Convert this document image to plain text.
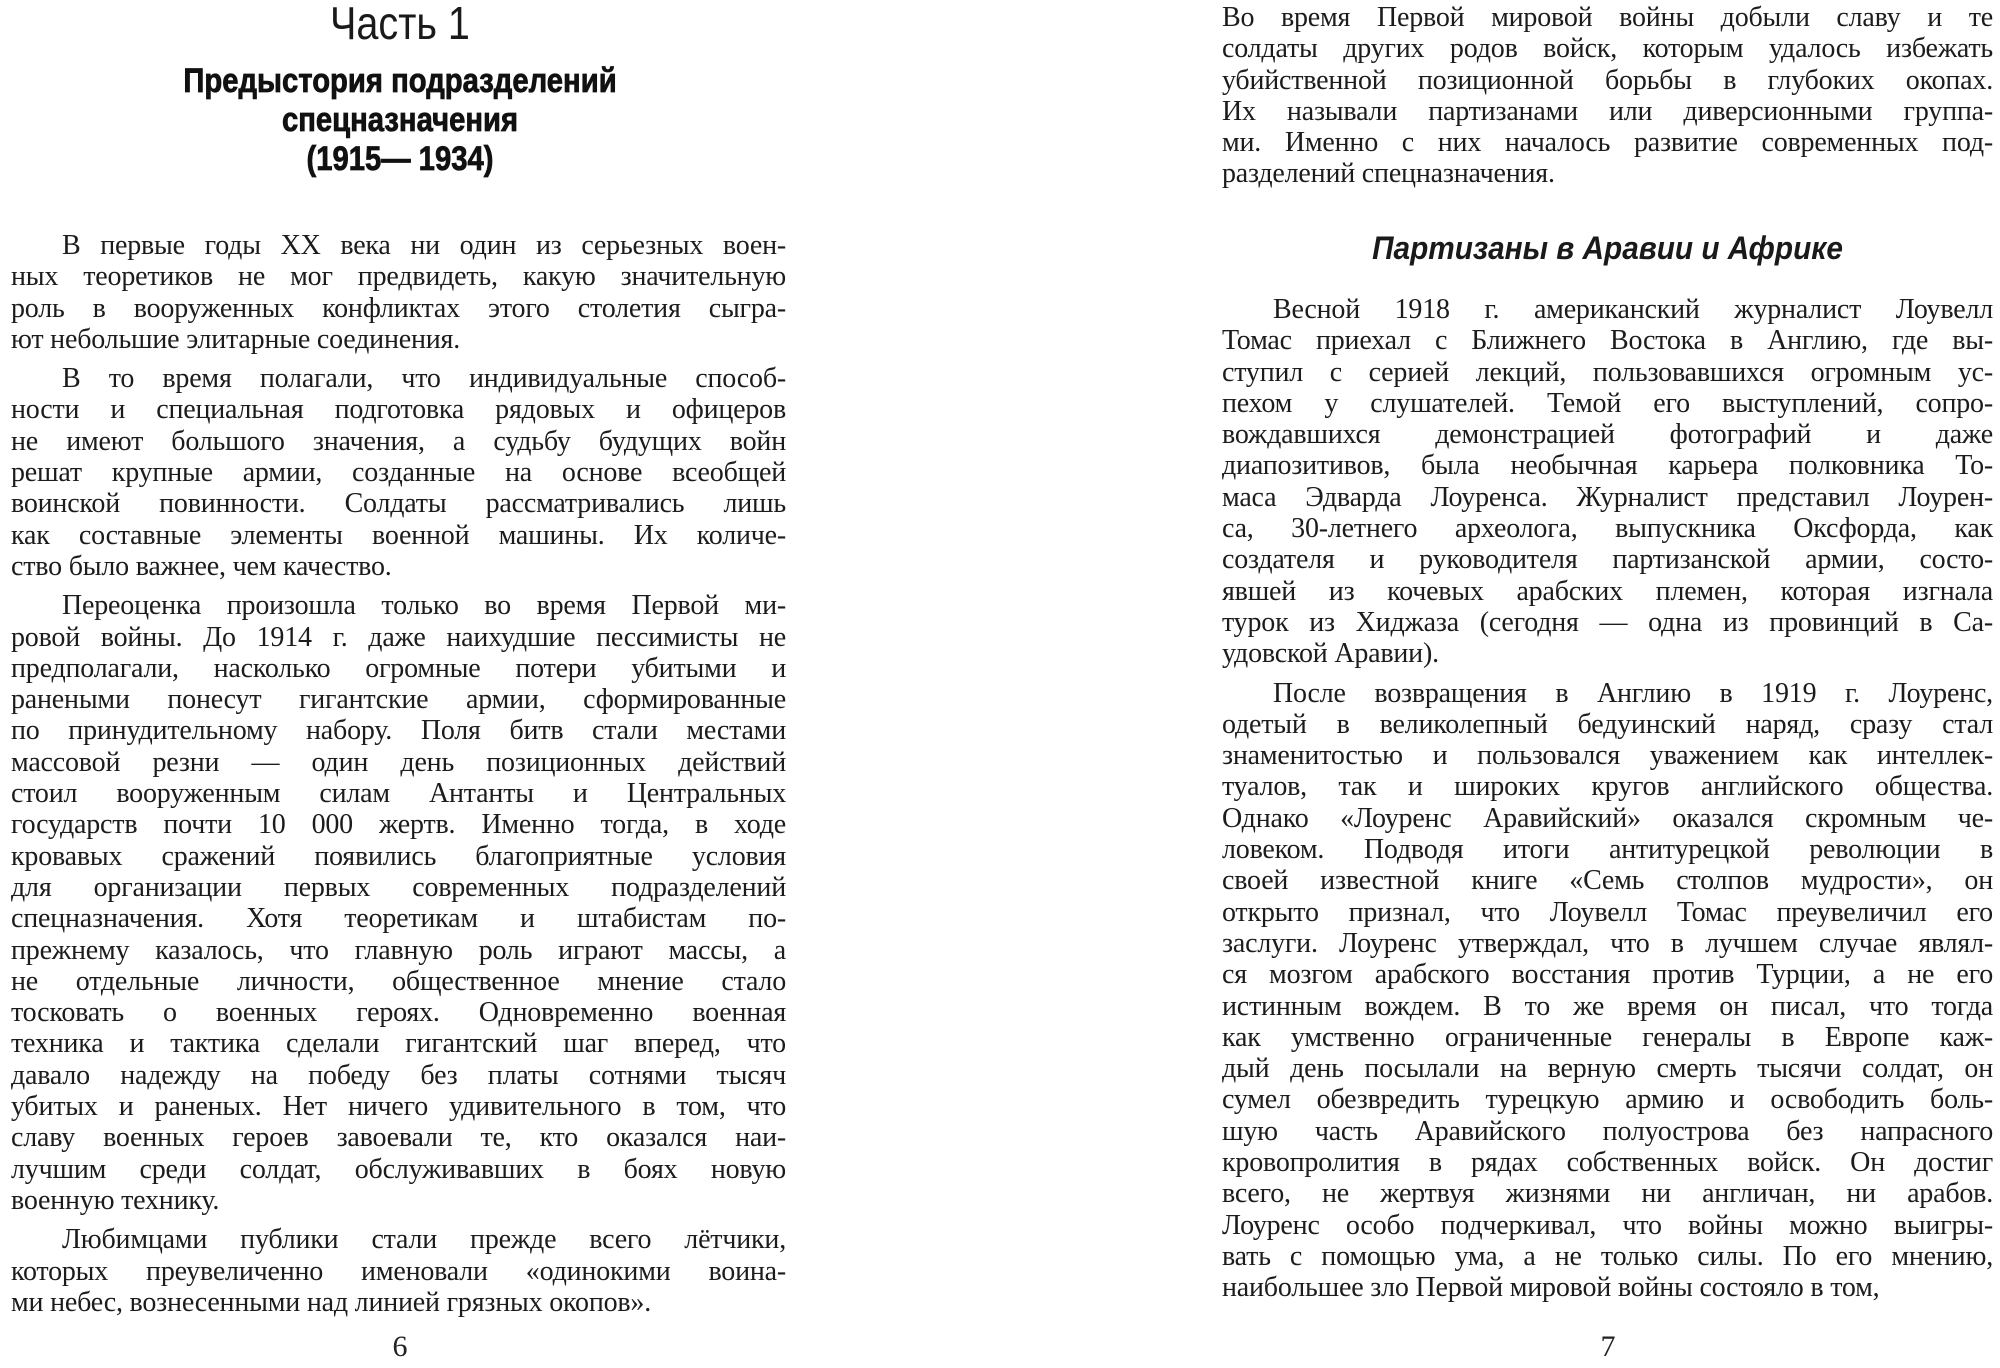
Часть 1
Предыстория подразделений
спецназначения
(1915— 1934)
В первые годы XX века ни один из серьезных воен-
ных теоретиков не мог предвидеть, какую значительную
роль в вооруженных конфликтах этого столетия сыгра-
ют небольшие элитарные соединения.
В то время полагали, что индивидуальные способ-
ности и специальная подготовка рядовых и офицеров
не имеют большого значения, а судьбу будущих войн
решат крупные армии, созданные на основе всеобщей
воинской повинности. Солдаты рассматривались лишь
как составные элементы военной машины. Их количе-
ство было важнее, чем качество.
Переоценка произошла только во время Первой ми-
ровой войны. До 1914 г. даже наихудшие пессимисты не
предполагали, насколько огромные потери убитыми и
ранеными понесут гигантские армии, сформированные
по принудительному набору. Поля битв стали местами
массовой резни — один день позиционных действий
стоил вооруженным силам Антанты и Центральных
государств почти 10 000 жертв. Именно тогда, в ходе
кровавых сражений появились благоприятные условия
для организации первых современных подразделений
спецназначения. Хотя теоретикам и штабистам по-
прежнему казалось, что главную роль играют массы, а
не отдельные личности, общественное мнение стало
тосковать о военных героях. Одновременно военная
техника и тактика сделали гигантский шаг вперед, что
давало надежду на победу без платы сотнями тысяч
убитых и раненых. Нет ничего удивительного в том, что
славу военных героев завоевали те, кто оказался наи-
лучшим среди солдат, обслуживавших в боях новую
военную технику.
Любимцами публики стали прежде всего лётчики,
которых преувеличенно именовали «одинокими воина-
ми небес, вознесенными над линией грязных окопов».
6
Во время Первой мировой войны добыли славу и те
солдаты других родов войск, которым удалось избежать
убийственной позиционной борьбы в глубоких окопах.
Их называли партизанами или диверсионными группа-
ми. Именно с них началось развитие современных под-
разделений спецназначения.
Партизаны в Аравии и Африке
Весной 1918 г. американский журналист Лоувелл
Томас приехал с Ближнего Востока в Англию, где вы-
ступил с серией лекций, пользовавшихся огромным ус-
пехом у слушателей. Темой его выступлений, сопро-
вождавшихся демонстрацией фотографий и даже
диапозитивов, была необычная карьера полковника То-
маса Эдварда Лоуренса. Журналист представил Лоурен-
са, 30-летнего археолога, выпускника Оксфорда, как
создателя и руководителя партизанской армии, состо-
явшей из кочевых арабских племен, которая изгнала
турок из Хиджаза (сегодня — одна из провинций в Са-
удовской Аравии).
После возвращения в Англию в 1919 г. Лоуренс,
одетый в великолепный бедуинский наряд, сразу стал
знаменитостью и пользовался уважением как интеллек-
туалов, так и широких кругов английского общества.
Однако «Лоуренс Аравийский» оказался скромным че-
ловеком. Подводя итоги антитурецкой революции в
своей известной книге «Семь столпов мудрости», он
открыто признал, что Лоувелл Томас преувеличил его
заслуги. Лоуренс утверждал, что в лучшем случае являл-
ся мозгом арабского восстания против Турции, а не его
истинным вождем. В то же время он писал, что тогда
как умственно ограниченные генералы в Европе каж-
дый день посылали на верную смерть тысячи солдат, он
сумел обезвредить турецкую армию и освободить боль-
шую часть Аравийского полуострова без напрасного
кровопролития в рядах собственных войск. Он достиг
всего, не жертвуя жизнями ни англичан, ни арабов.
Лоуренс особо подчеркивал, что войны можно выигры-
вать с помощью ума, а не только силы. По его мнению,
наибольшее зло Первой мировой войны состояло в том,
7
